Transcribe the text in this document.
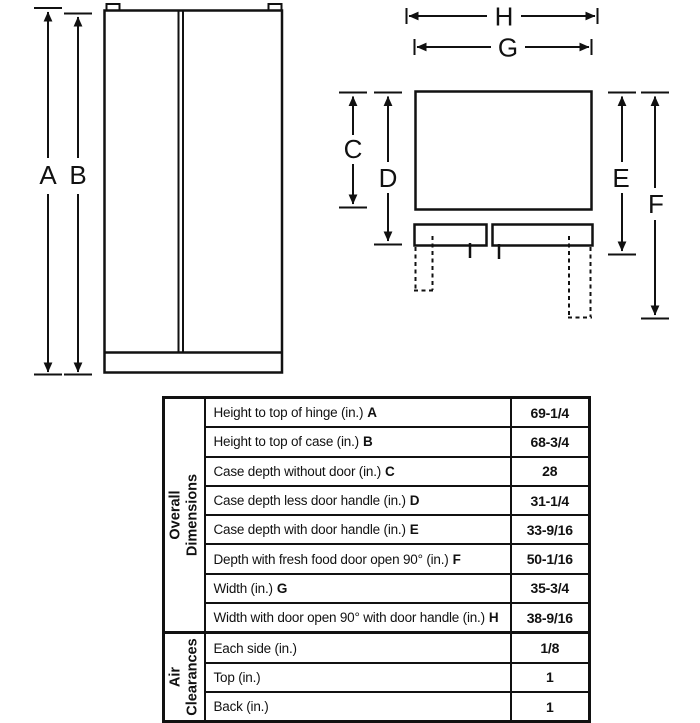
A B
H
G
C
D	E
F
Overall
Dimensions	Height to top of hinge (in.) A	69-1/4
	Height to top of case (in.) B	68-3/4
	Case depth without door (in.) C	28
	Case depth less door handle (in.) D	31-1/4
	Case depth with door handle (in.) E	33-9/16
	Depth with fresh food door open 90° (in.) F	50-1/16
	Width (in.) G	35-3/4
	Width with door open 90° with door handle (in.) H	38-9/16

Air
Clearances	Each side (in.)	1/8
	Top (in.)	1
	Back (in.)	1
